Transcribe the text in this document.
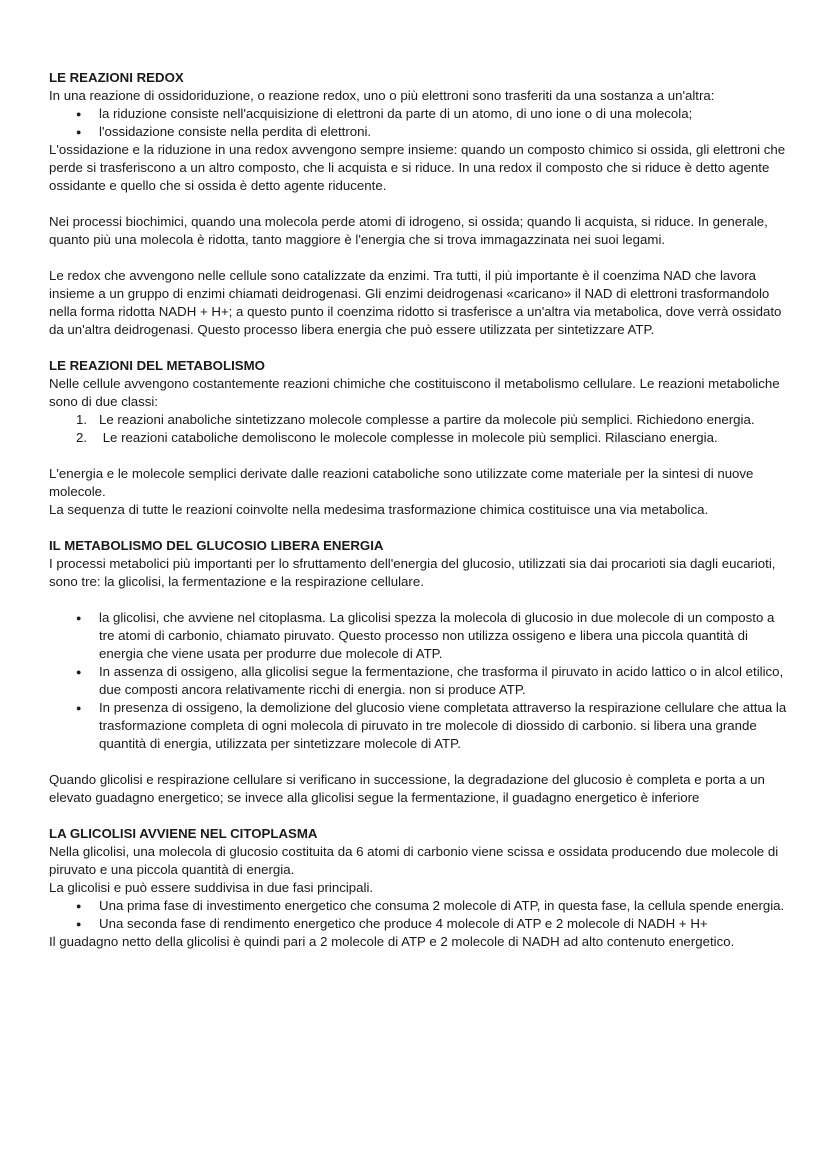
LE REAZIONI REDOX

In una reazione di ossidoriduzione, o reazione redox, uno o più elettroni sono trasferiti da una sostanza a un'altra:

● la riduzione consiste nell'acquisizione di elettroni da parte di un atomo, di uno ione o di una molecola;
● l'ossidazione consiste nella perdita di elettroni.

L'ossidazione e la riduzione in una redox avvengono sempre insieme: quando un composto chimico si ossida, gli elettroni che perde si trasferiscono a un altro composto, che li acquista e si riduce. In una redox il composto che si riduce è detto agente ossidante e quello che si ossida è detto agente riducente.

Nei processi biochimici, quando una molecola perde atomi di idrogeno, si ossida; quando li acquista, si riduce. In generale, quanto più una molecola è ridotta, tanto maggiore è l'energia che si trova immagazzinata nei suoi legami.

Le redox che avvengono nelle cellule sono catalizzate da enzimi. Tra tutti, il più importante è il coenzima NAD che lavora insieme a un gruppo di enzimi chiamati deidrogenasi. Gli enzimi deidrogenasi «caricano» il NAD di elettroni trasformandolo nella forma ridotta NADH + H+; a questo punto il coenzima ridotto si trasferisce a un'altra via metabolica, dove verrà ossidato da un'altra deidrogenasi. Questo processo libera energia che può essere utilizzata per sintetizzare ATP.

LE REAZIONI DEL METABOLISMO

Nelle cellule avvengono costantemente reazioni chimiche che costituiscono il metabolismo cellulare. Le reazioni metaboliche sono di due classi:

1. Le reazioni anaboliche sintetizzano molecole complesse a partire da molecole più semplici. Richiedono energia.
2. Le reazioni cataboliche demoliscono le molecole complesse in molecole più semplici. Rilasciano energia.

L'energia e le molecole semplici derivate dalle reazioni cataboliche sono utilizzate come materiale per la sintesi di nuove molecole.

La sequenza di tutte le reazioni coinvolte nella medesima trasformazione chimica costituisce una via metabolica.

IL METABOLISMO DEL GLUCOSIO LIBERA ENERGIA

I processi metabolici più importanti per lo sfruttamento dell'energia del glucosio, utilizzati sia dai procarioti sia dagli eucarioti, sono tre: la glicolisi, la fermentazione e la respirazione cellulare.

● la glicolisi, che avviene nel citoplasma. La glicolisi spezza la molecola di glucosio in due molecole di un composto a tre atomi di carbonio, chiamato piruvato. Questo processo non utilizza ossigeno e libera una piccola quantità di energia che viene usata per produrre due molecole di ATP.
● In assenza di ossigeno, alla glicolisi segue la fermentazione, che trasforma il piruvato in acido lattico o in alcol etilico, due composti ancora relativamente ricchi di energia. non si produce ATP.
● In presenza di ossigeno, la demolizione del glucosio viene completata attraverso la respirazione cellulare che attua la trasformazione completa di ogni molecola di piruvato in tre molecole di diossido di carbonio. si libera una grande quantità di energia, utilizzata per sintetizzare molecole di ATP.

Quando glicolisi e respirazione cellulare si verificano in successione, la degradazione del glucosio è completa e porta a un elevato guadagno energetico; se invece alla glicolisi segue la fermentazione, il guadagno energetico è inferiore

LA GLICOLISI AVVIENE NEL CITOPLASMA

Nella glicolisi, una molecola di glucosio costituita da 6 atomi di carbonio viene scissa e ossidata producendo due molecole di piruvato e una piccola quantità di energia.

La glicolisi e può essere suddivisa in due fasi principali.

● Una prima fase di investimento energetico che consuma 2 molecole di ATP, in questa fase, la cellula spende energia.
● Una seconda fase di rendimento energetico che produce 4 molecole di ATP e 2 molecole di NADH + H+

Il guadagno netto della glicolisi è quindi pari a 2 molecole di ATP e 2 molecole di NADH ad alto contenuto energetico.
